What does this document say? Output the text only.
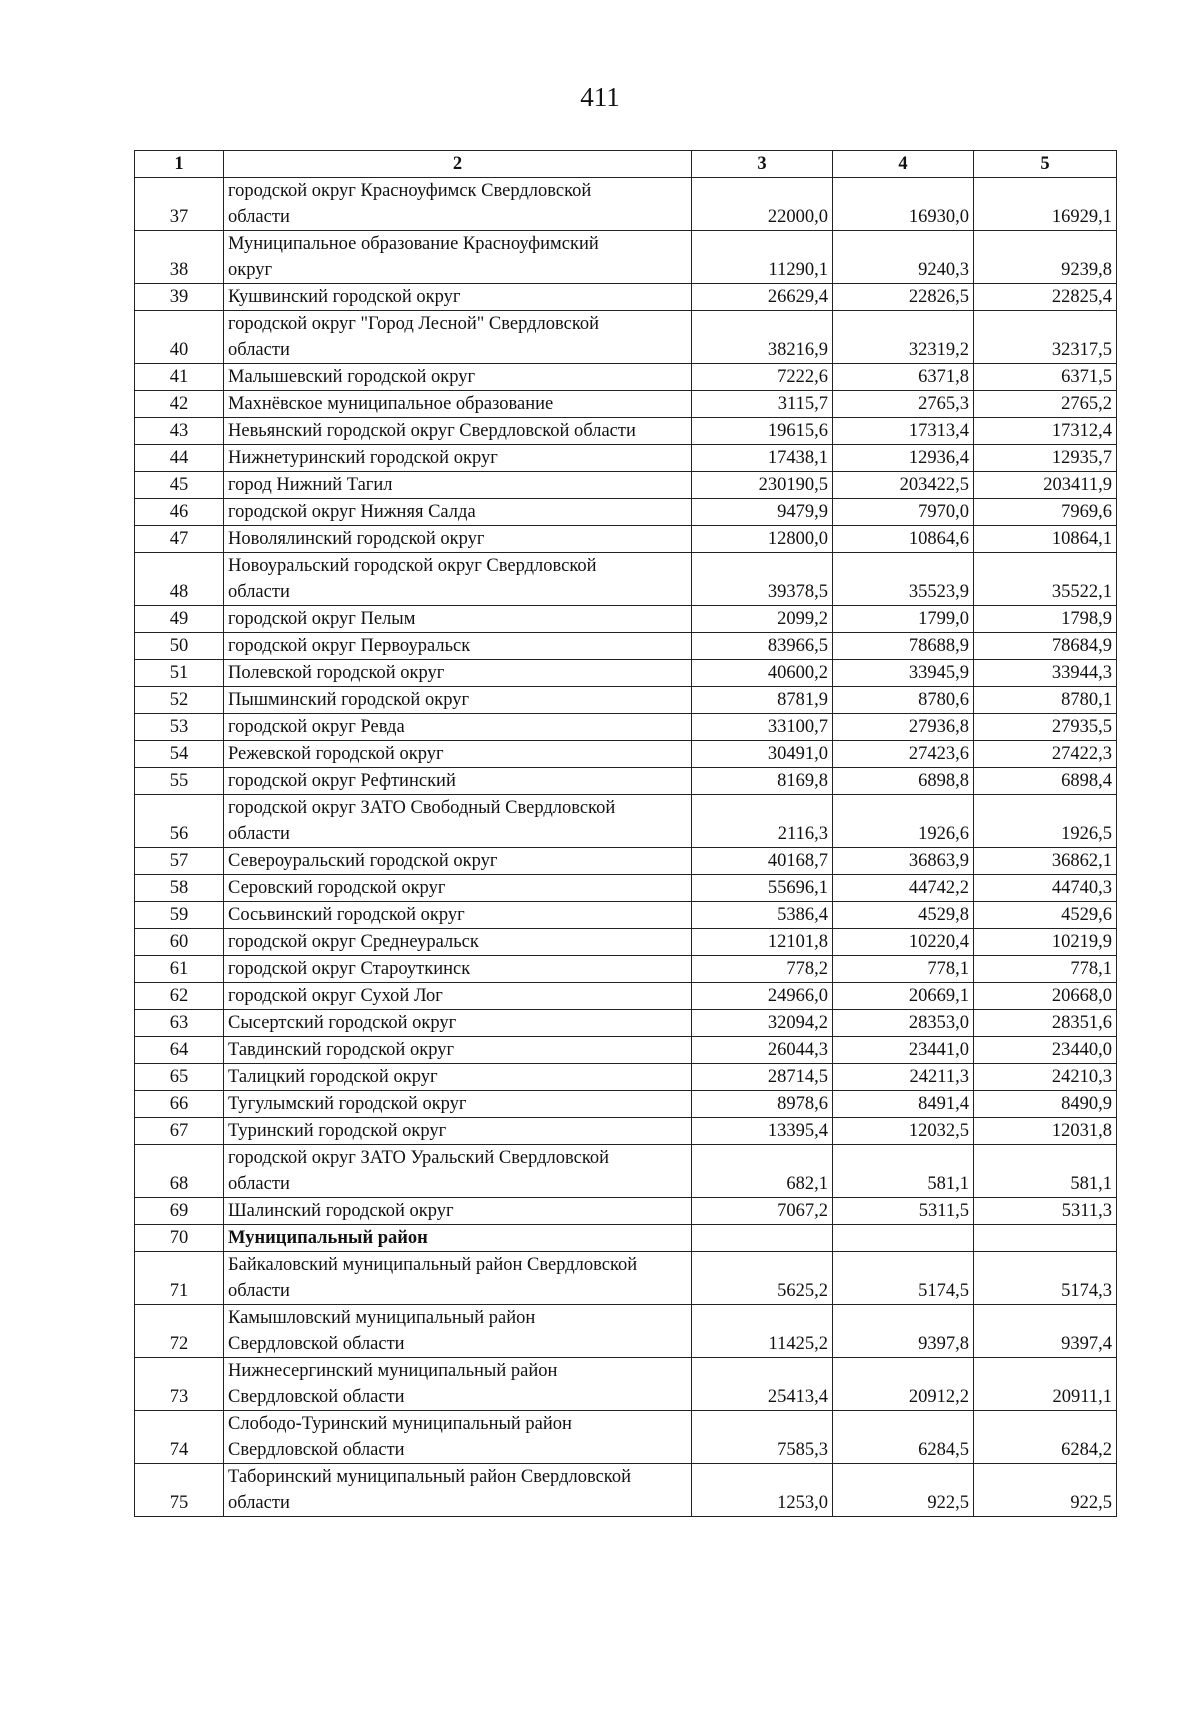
411
1	2	3	4	5
37	городской округ Красноуфимск Свердловской
области	22000,0	16930,0	16929,1
38	Муниципальное образование Красноуфимский
округ	11290,1	9240,3	9239,8
39	Кушвинский городской округ	26629,4	22826,5	22825,4
40	городской округ "Город Лесной" Свердловской
области	38216,9	32319,2	32317,5
41	Малышевский городской округ	7222,6	6371,8	6371,5
42	Махнёвское муниципальное образование	3115,7	2765,3	2765,2
43	Невьянский городской округ Свердловской области	19615,6	17313,4	17312,4
44	Нижнетуринский городской округ	17438,1	12936,4	12935,7
45	город Нижний Тагил	230190,5	203422,5	203411,9
46	городской округ Нижняя Салда	9479,9	7970,0	7969,6
47	Новолялинский городской округ	12800,0	10864,6	10864,1
48	Новоуральский городской округ Свердловской
области	39378,5	35523,9	35522,1
49	городской округ Пелым	2099,2	1799,0	1798,9
50	городской округ Первоуральск	83966,5	78688,9	78684,9
51	Полевской городской округ	40600,2	33945,9	33944,3
52	Пышминский городской округ	8781,9	8780,6	8780,1
53	городской округ Ревда	33100,7	27936,8	27935,5
54	Режевской городской округ	30491,0	27423,6	27422,3
55	городской округ Рефтинский	8169,8	6898,8	6898,4
56	городской округ ЗАТО Свободный Свердловской
области	2116,3	1926,6	1926,5
57	Североуральский городской округ	40168,7	36863,9	36862,1
58	Серовский городской округ	55696,1	44742,2	44740,3
59	Сосьвинский городской округ	5386,4	4529,8	4529,6
60	городской округ Среднеуральск	12101,8	10220,4	10219,9
61	городской округ Староуткинск	778,2	778,1	778,1
62	городской округ Сухой Лог	24966,0	20669,1	20668,0
63	Сысертский городской округ	32094,2	28353,0	28351,6
64	Тавдинский городской округ	26044,3	23441,0	23440,0
65	Талицкий городской округ	28714,5	24211,3	24210,3
66	Тугулымский городской округ	8978,6	8491,4	8490,9
67	Туринский городской округ	13395,4	12032,5	12031,8
68	городской округ ЗАТО Уральский Свердловской
области	682,1	581,1	581,1
69	Шалинский городской округ	7067,2	5311,5	5311,3
70	Муниципальный район			

71	Байкаловский муниципальный район Свердловской
области	5625,2	5174,5	5174,3
72	Камышловский муниципальный район
Свердловской области	11425,2	9397,8	9397,4
73	Нижнесергинский муниципальный район
Свердловской области	25413,4	20912,2	20911,1
74	Слободо-Туринский муниципальный район
Свердловской области	7585,3	6284,5	6284,2
75	Таборинский муниципальный район Свердловской
области	1253,0	922,5	922,5
